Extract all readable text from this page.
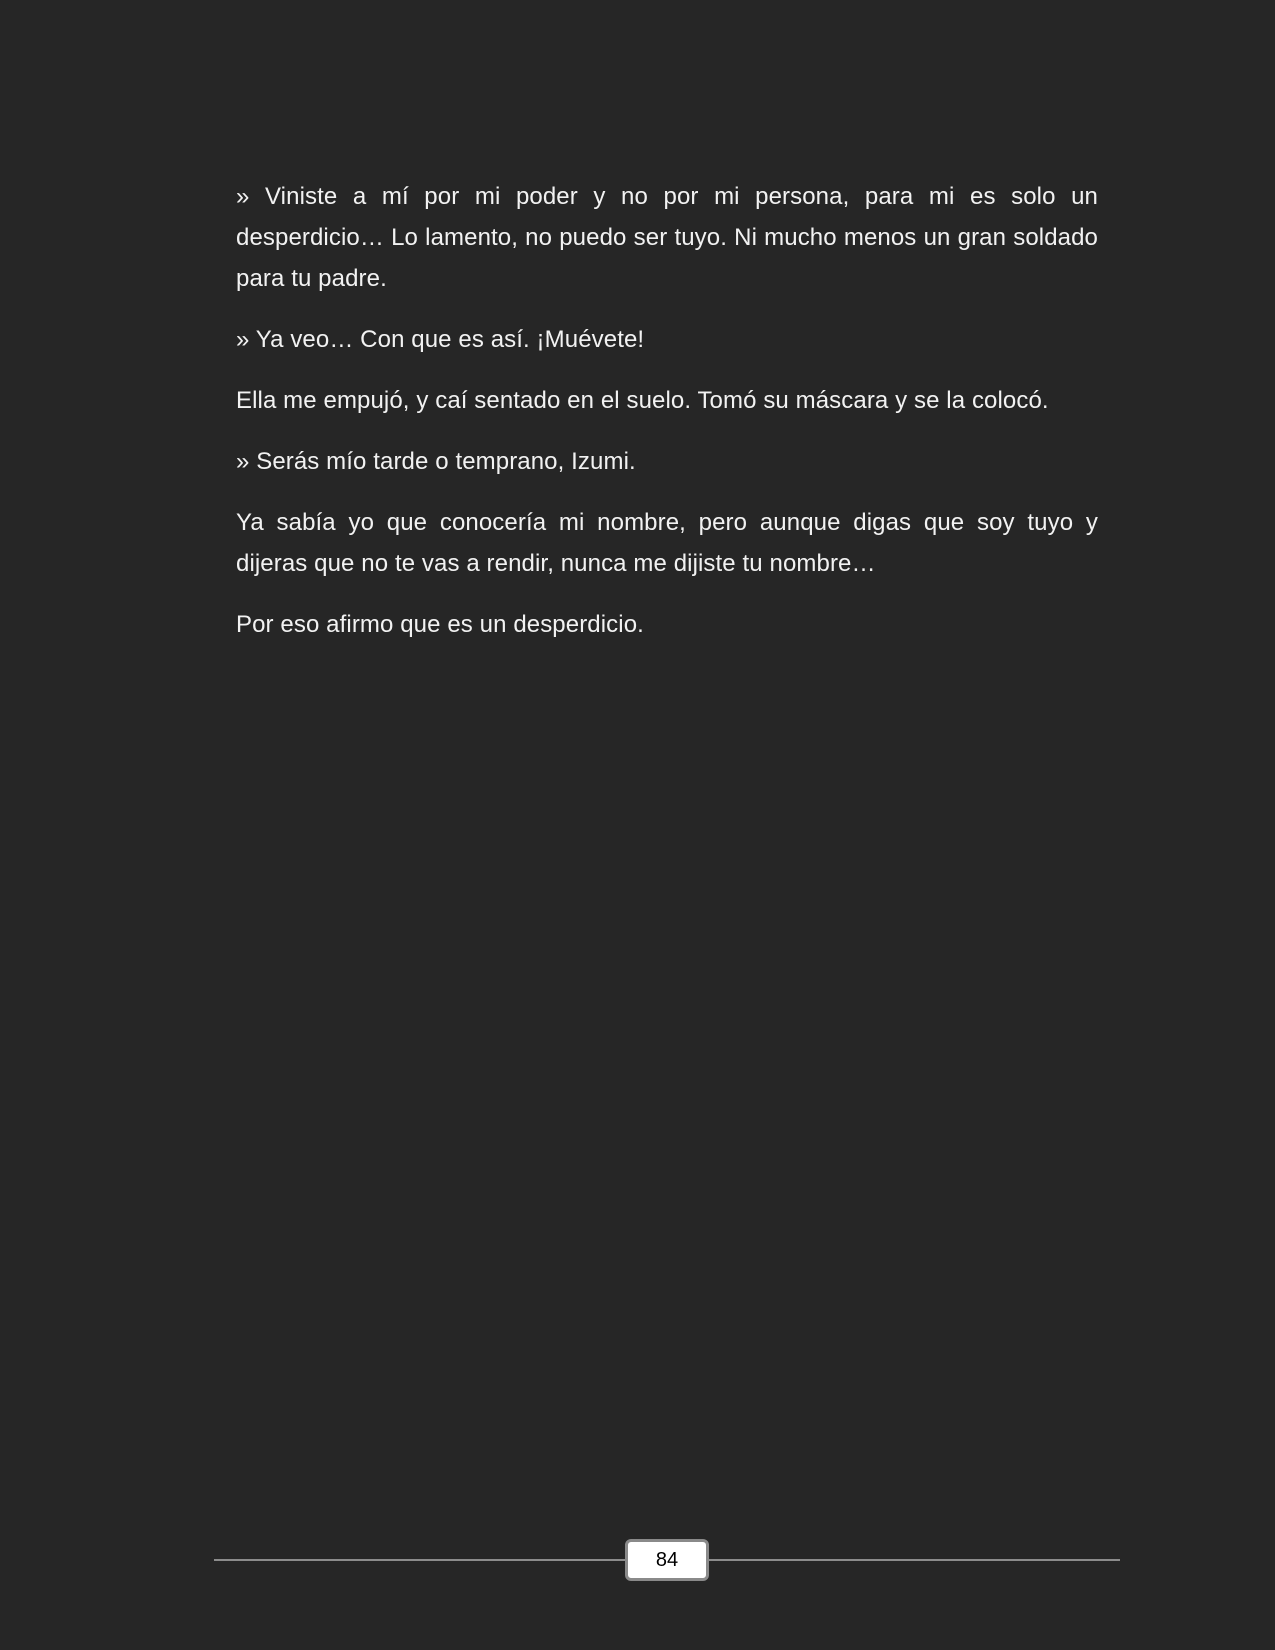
» Viniste a mí por mi poder y no por mi persona, para mi es solo un desperdicio… Lo lamento, no puedo ser tuyo. Ni mucho menos un gran soldado para tu padre.

» Ya veo… Con que es así. ¡Muévete!

Ella me empujó, y caí sentado en el suelo. Tomó su máscara y se la colocó.

» Serás mío tarde o temprano, Izumi.

Ya sabía yo que conocería mi nombre, pero aunque digas que soy tuyo y dijeras que no te vas a rendir, nunca me dijiste tu nombre…

Por eso afirmo que es un desperdicio.

84
